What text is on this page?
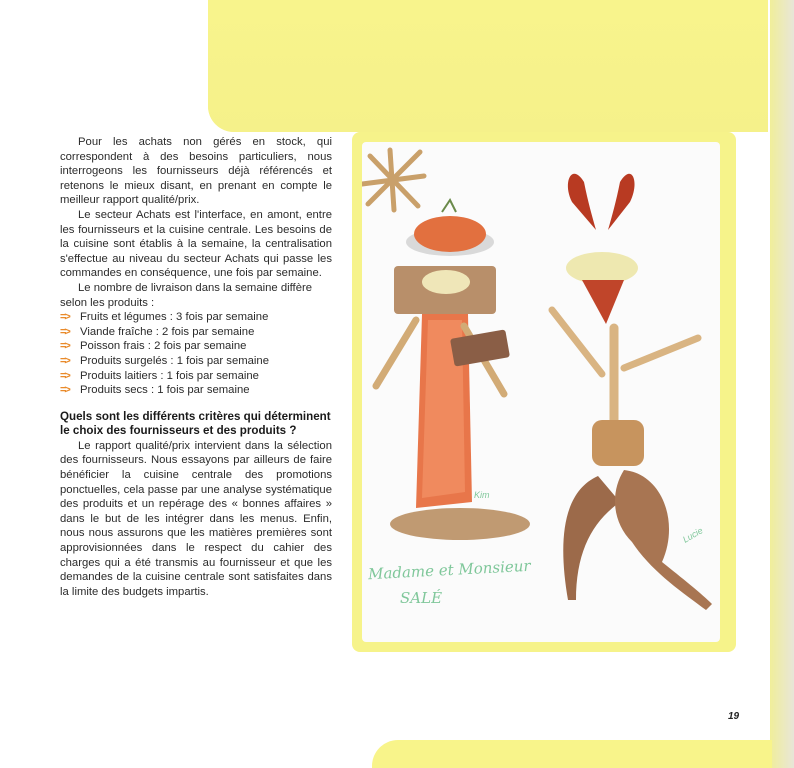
19

Pour les achats non gérés en stock, qui correspondent à des besoins particuliers, nous interrogeons les fournisseurs déjà référencés et retenons le mieux disant, en prenant en compte le meilleur rapport qualité/prix.

Le secteur Achats est l'interface, en amont, entre les fournisseurs et la cuisine centrale. Les besoins de la cuisine sont établis à la semaine, la centralisation s'effectue au niveau du secteur Achats qui passe les commandes en conséquence, une fois par semaine.

Le nombre de livraison dans la semaine diffère selon les produits :

=> Fruits et légumes : 3 fois par semaine
=> Viande fraîche : 2 fois par semaine
=> Poisson frais : 2 fois par semaine
=> Produits surgelés : 1 fois par semaine
=> Produits laitiers : 1 fois par semaine
=> Produits secs : 1 fois par semaine

Quels sont les différents critères qui déterminent le choix des fournisseurs et des produits ?

Le rapport qualité/prix intervient dans la sélection des fournisseurs. Nous essayons par ailleurs de faire bénéficier la cuisine centrale des promotions ponctuelles, cela passe par une analyse systématique des produits et un repérage des « bonnes affaires » dans le but de les intégrer dans les menus. Enfin, nous nous assurons que les matières premières sont approvisionnées dans le respect du cahier des charges qui a été transmis au fournisseur et que les demandes de la cuisine centrale sont satisfaites dans la limite des budgets impartis.

Madame et Monsieur
SALÉ
Kim
Lucie
